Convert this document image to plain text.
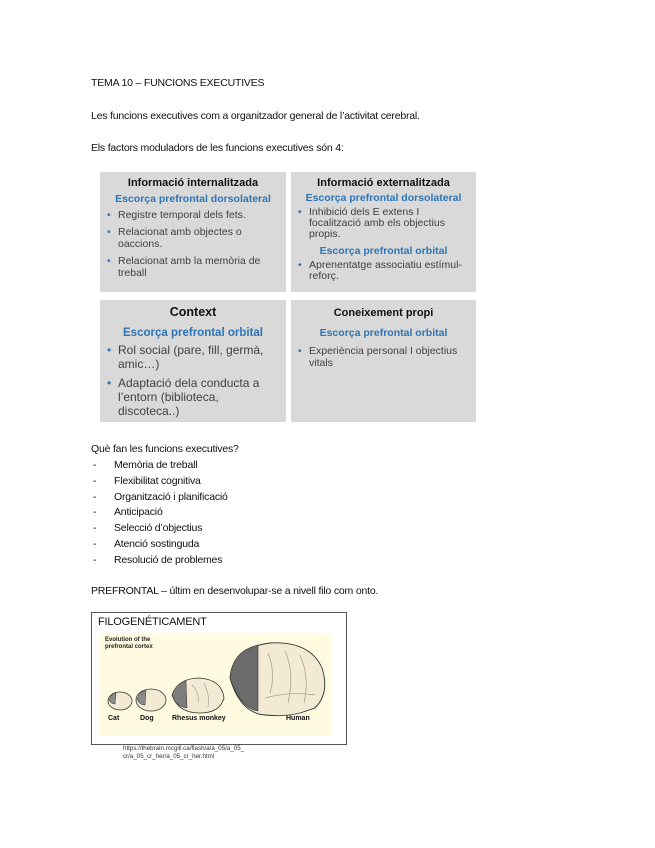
TEMA 10 – FUNCIONS EXECUTIVES
Les funcions executives com a organitzador general de l’activitat cerebral.
Els factors moduladors de les funcions executives són 4:
Informació internalitzada
Escorça prefrontal dorsolateral
• Registre temporal dels fets.
• Relacionat amb objectes o oaccions.
• Relacionat amb la memòria de treball
Informació externalitzada
Escorça prefrontal dorsolateral
• Inhibició dels E extens I focalització amb els objectius propis.
Escorça prefrontal orbital
• Aprenentatge associatiu estímul-reforç.
Context
Escorça prefrontal orbital
• Rol social (pare, fill, germà, amic…)
• Adaptació dela conducta a l’entorn (biblioteca, discoteca..)
Coneixement propi
Escorça prefrontal orbital
• Experiència personal I objectius vitals
Què fan les funcions executives?
- Memòria de treball
- Flexibilitat cognitiva
- Organització i planificació
- Anticipació
- Selecció d’objectius
- Atenció sostinguda
- Resolució de problemes
PREFRONTAL – últim en desenvolupar-se a nivell filo com onto.
FILOGENÉTICAMENT
Evolution of the
prefrontal cortex
Cat	Dog	Rhesus monkey	Human
https://thebrain.mcgill.ca/flash/a/a_05/a_05_
cr/a_05_cr_her/a_05_cr_her.html
